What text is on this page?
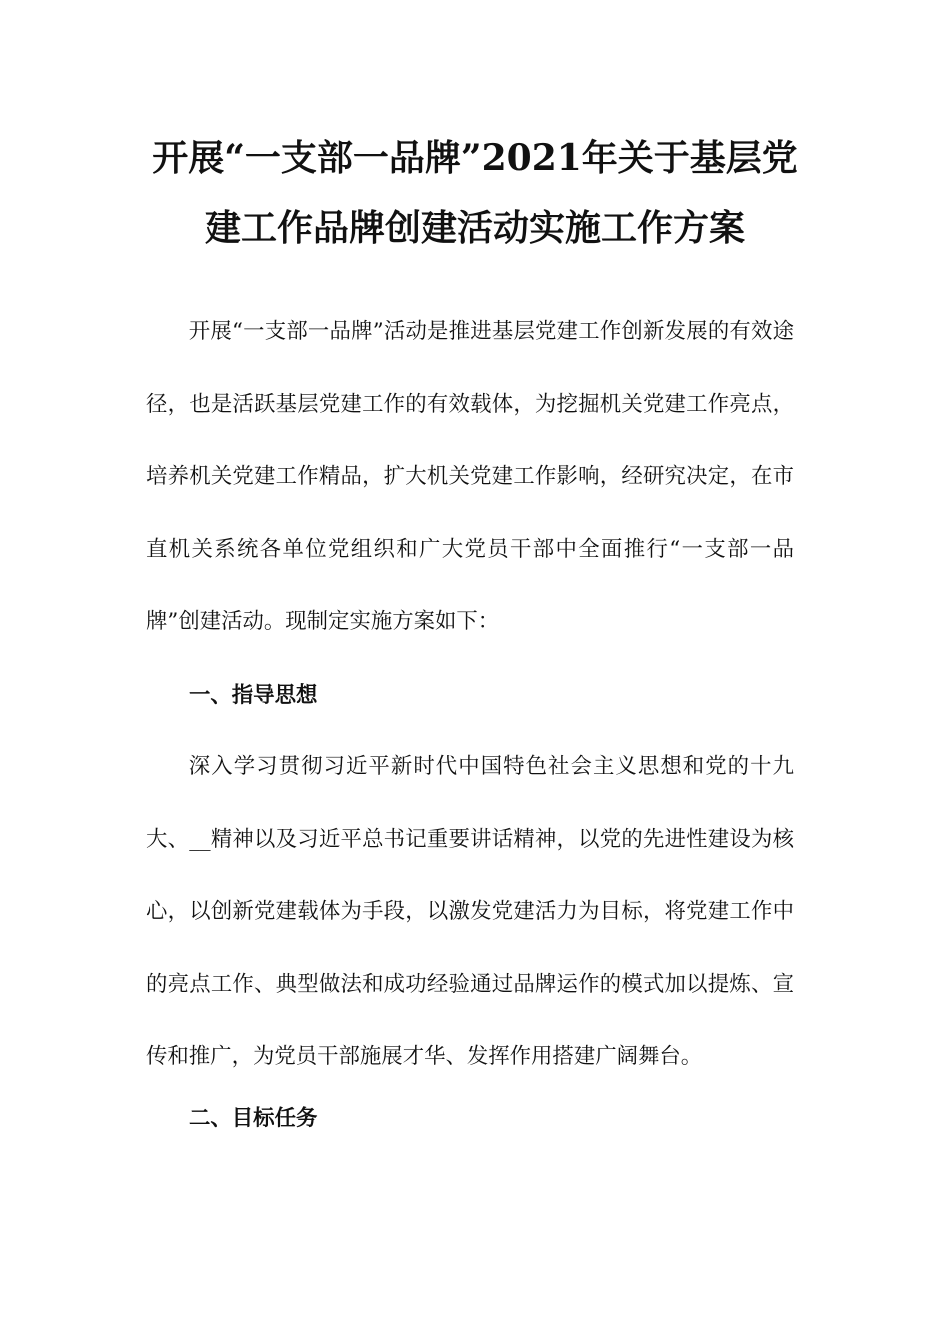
开展“一支部一品牌”2021年关于基层党
建工作品牌创建活动实施工作方案
开展“一支部一品牌”活动是推进基层党建工作创新发展的有效途径，也是活跃基层党建工作的有效载体，为挖掘机关党建工作亮点，培养机关党建工作精品，扩大机关党建工作影响，经研究决定，在市直机关系统各单位党组织和广大党员干部中全面推行“一支部一品牌”创建活动。现制定实施方案如下：
一、指导思想
深入学习贯彻习近平新时代中国特色社会主义思想和党的十九大、__精神以及习近平总书记重要讲话精神，以党的先进性建设为核心，以创新党建载体为手段，以激发党建活力为目标，将党建工作中的亮点工作、典型做法和成功经验通过品牌运作的模式加以提炼、宣传和推广，为党员干部施展才华、发挥作用搭建广阔舞台。
二、目标任务
